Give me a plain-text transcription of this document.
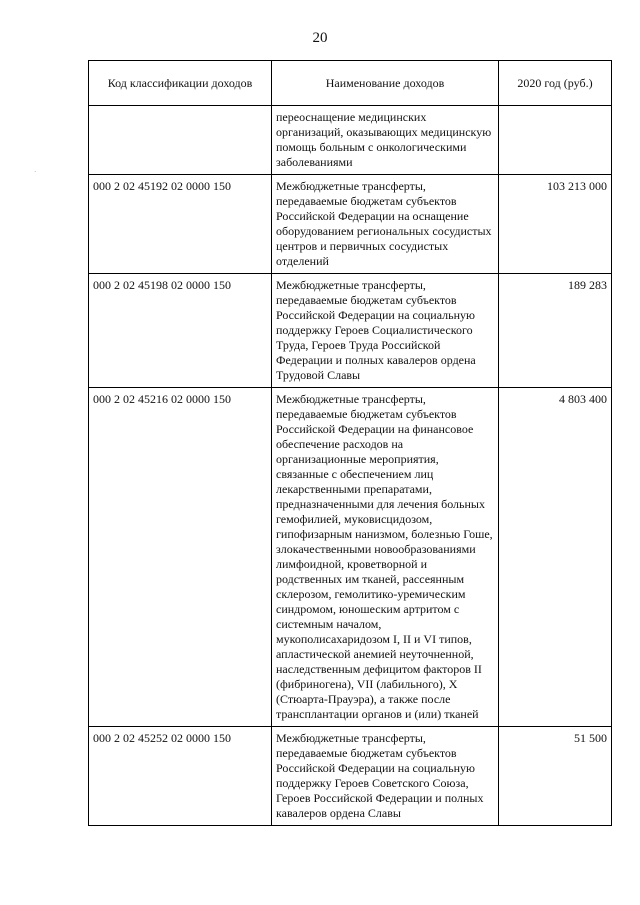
20
·
Код классификации доходов	Наименование доходов	2020 год (руб.)
	переоснащение медицинских организаций, оказывающих медицинскую помощь больным с онкологическими заболеваниями	
000 2 02 45192 02 0000 150	Межбюджетные трансферты, передаваемые бюджетам субъектов Российской Федерации на оснащение оборудованием региональных сосудистых центров и первичных сосудистых отделений	103 213 000
000 2 02 45198 02 0000 150	Межбюджетные трансферты, передаваемые бюджетам субъектов Российской Федерации на социальную поддержку Героев Социалистического Труда, Героев Труда Российской Федерации и полных кавалеров ордена Трудовой Славы	189 283
000 2 02 45216 02 0000 150	Межбюджетные трансферты, передаваемые бюджетам субъектов Российской Федерации на финансовое обеспечение расходов на организационные мероприятия, связанные с обеспечением лиц лекарственными препаратами, предназначенными для лечения больных гемофилией, муковисцидозом, гипофизарным нанизмом, болезнью Гоше, злокачественными новообразованиями лимфоидной, кроветворной и родственных им тканей, рассеянным склерозом, гемолитико-уремическим синдромом, юношеским артритом с системным началом, мукополисахаридозом I, II и VI типов, апластической анемией неуточненной, наследственным дефицитом факторов II (фибриногена), VII (лабильного), X (Стюарта-Прауэра), а также после трансплантации органов и (или) тканей	4 803 400
000 2 02 45252 02 0000 150	Межбюджетные трансферты, передаваемые бюджетам субъектов Российской Федерации на социальную поддержку Героев Советского Союза, Героев Российской Федерации и полных кавалеров ордена Славы	51 500
